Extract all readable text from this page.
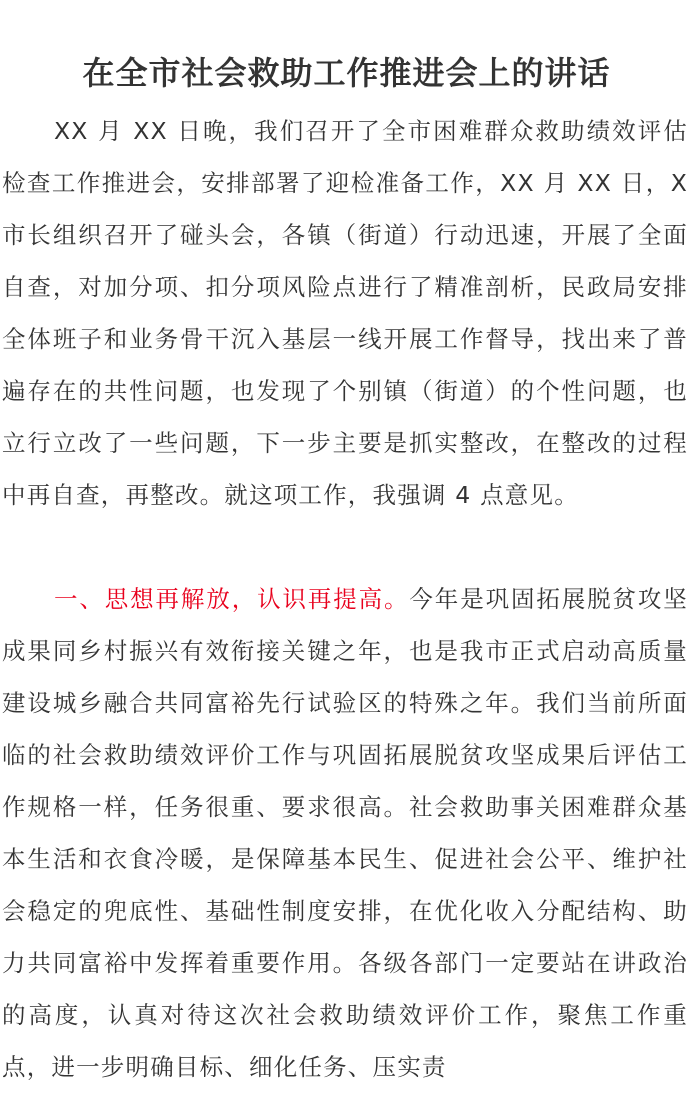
在全市社会救助工作推进会上的讲话

XX 月 XX 日晚，我们召开了全市困难群众救助绩效评估检查工作推进会，安排部署了迎检准备工作，XX 月 XX 日，X 市长组织召开了碰头会，各镇（街道）行动迅速，开展了全面自查，对加分项、扣分项风险点进行了精准剖析，民政局安排全体班子和业务骨干沉入基层一线开展工作督导，找出来了普遍存在的共性问题，也发现了个别镇（街道）的个性问题，也立行立改了一些问题，下一步主要是抓实整改，在整改的过程中再自查，再整改。就这项工作，我强调 4 点意见。

一、思想再解放，认识再提高。今年是巩固拓展脱贫攻坚成果同乡村振兴有效衔接关键之年，也是我市正式启动高质量建设城乡融合共同富裕先行试验区的特殊之年。我们当前所面临的社会救助绩效评价工作与巩固拓展脱贫攻坚成果后评估工作规格一样，任务很重、要求很高。社会救助事关困难群众基本生活和衣食冷暖，是保障基本民生、促进社会公平、维护社会稳定的兜底性、基础性制度安排，在优化收入分配结构、助力共同富裕中发挥着重要作用。各级各部门一定要站在讲政治的高度，认真对待这次社会救助绩效评价工作，聚焦工作重点，进一步明确目标、细化任务、压实责
